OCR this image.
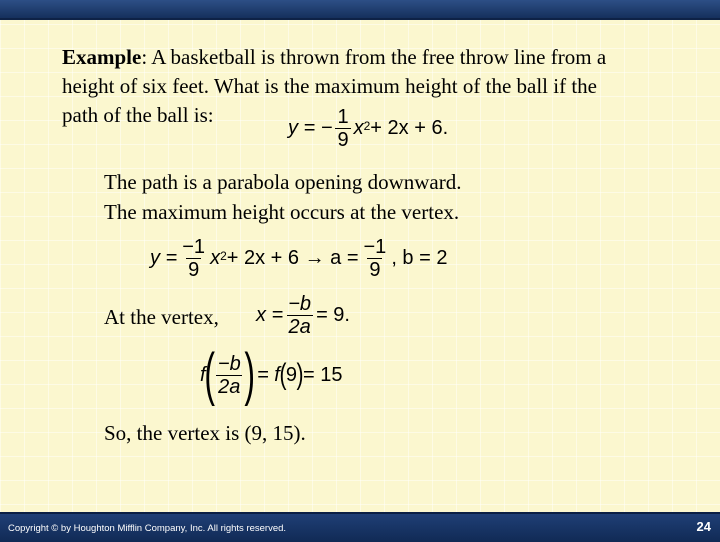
Example: A basketball is thrown from the free throw line from a
height of six feet. What is the maximum height of the ball if the
path of the ball is:
y = − $\frac{1}{9} x^2 + 2x + 6$.
The path is a parabola opening downward.
The maximum height occurs at the vertex.
$y = \frac{-1}{9} x^2 + 2x + 6 \to a = \frac{-1}{9}$ , b = 2
At the vertex, $x = \frac{-b}{2a} = 9$.
f
( $\frac{-b}{2a}$ ) = f ( 9 ) = 15
So, the vertex is (9, 15).
Copyright © by Houghton Mifflin Company, Inc. All rights reserved.	24
